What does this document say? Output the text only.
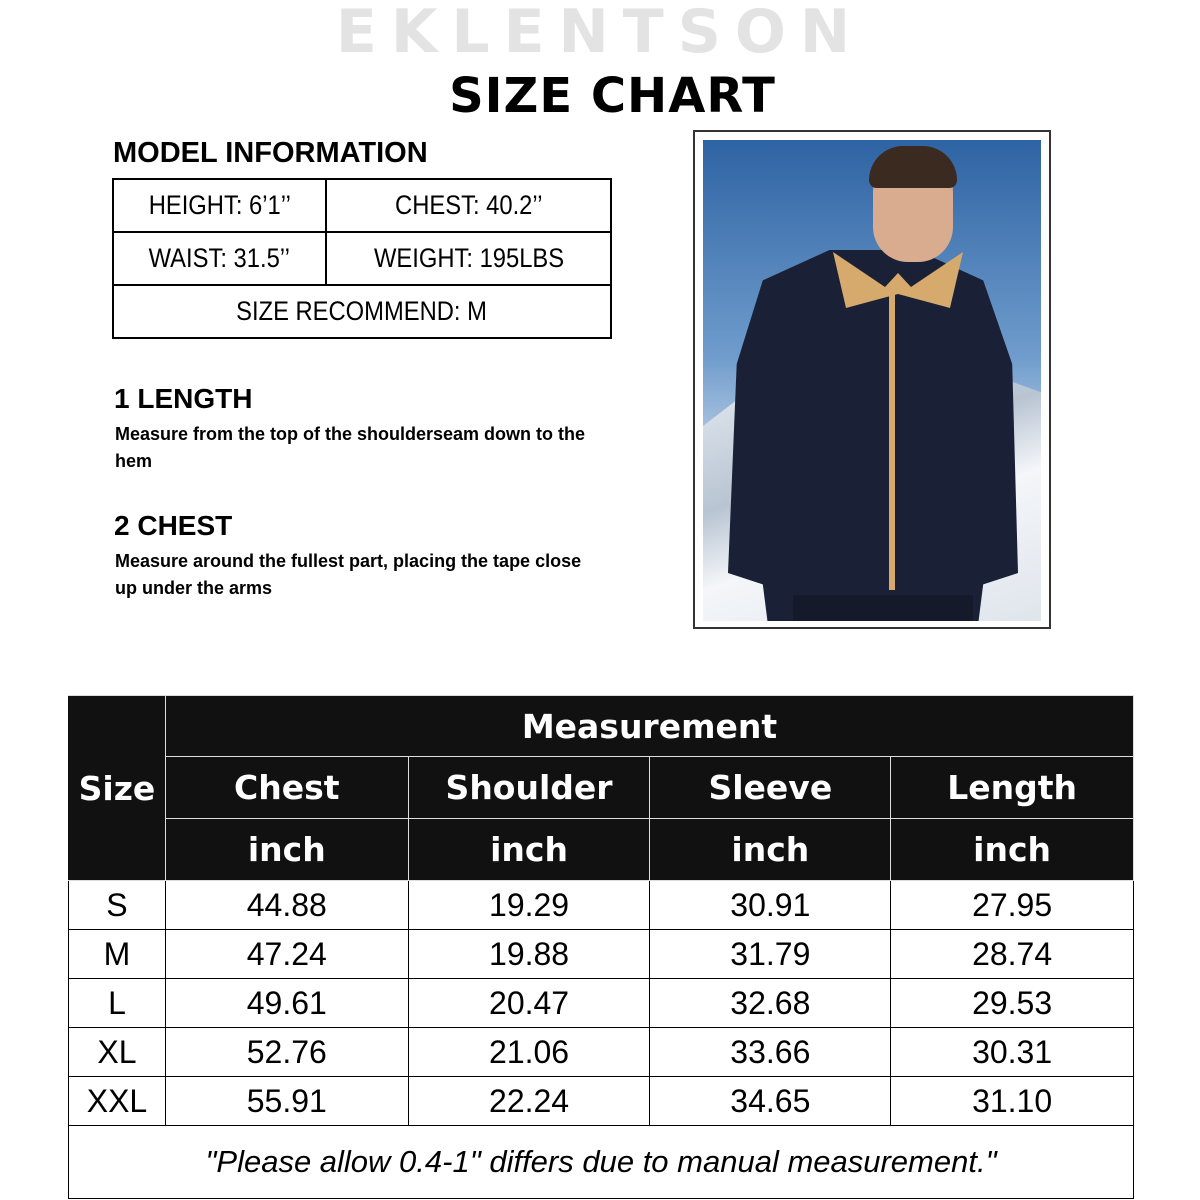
EKLENTSON
SIZE CHART
MODEL INFORMATION
HEIGHT: 6’1’’	CHEST: 40.2’’
WAIST: 31.5’’	WEIGHT: 195LBS
SIZE RECOMMEND: M	
1 LENGTH
Measure from the top of the shoulderseam down to the hem
2 CHEST
Measure around the fullest part, placing the tape close up under the arms
Size	Measurement			
	Chest	Shoulder	Sleeve	Length
	inch	inch	inch	inch
S	44.88	19.29	30.91	27.95
M	47.24	19.88	31.79	28.74
L	49.61	20.47	32.68	29.53
XL	52.76	21.06	33.66	30.31
XXL	55.91	22.24	34.65	31.10
"Please allow 0.4-1" differs due to manual measurement."				
